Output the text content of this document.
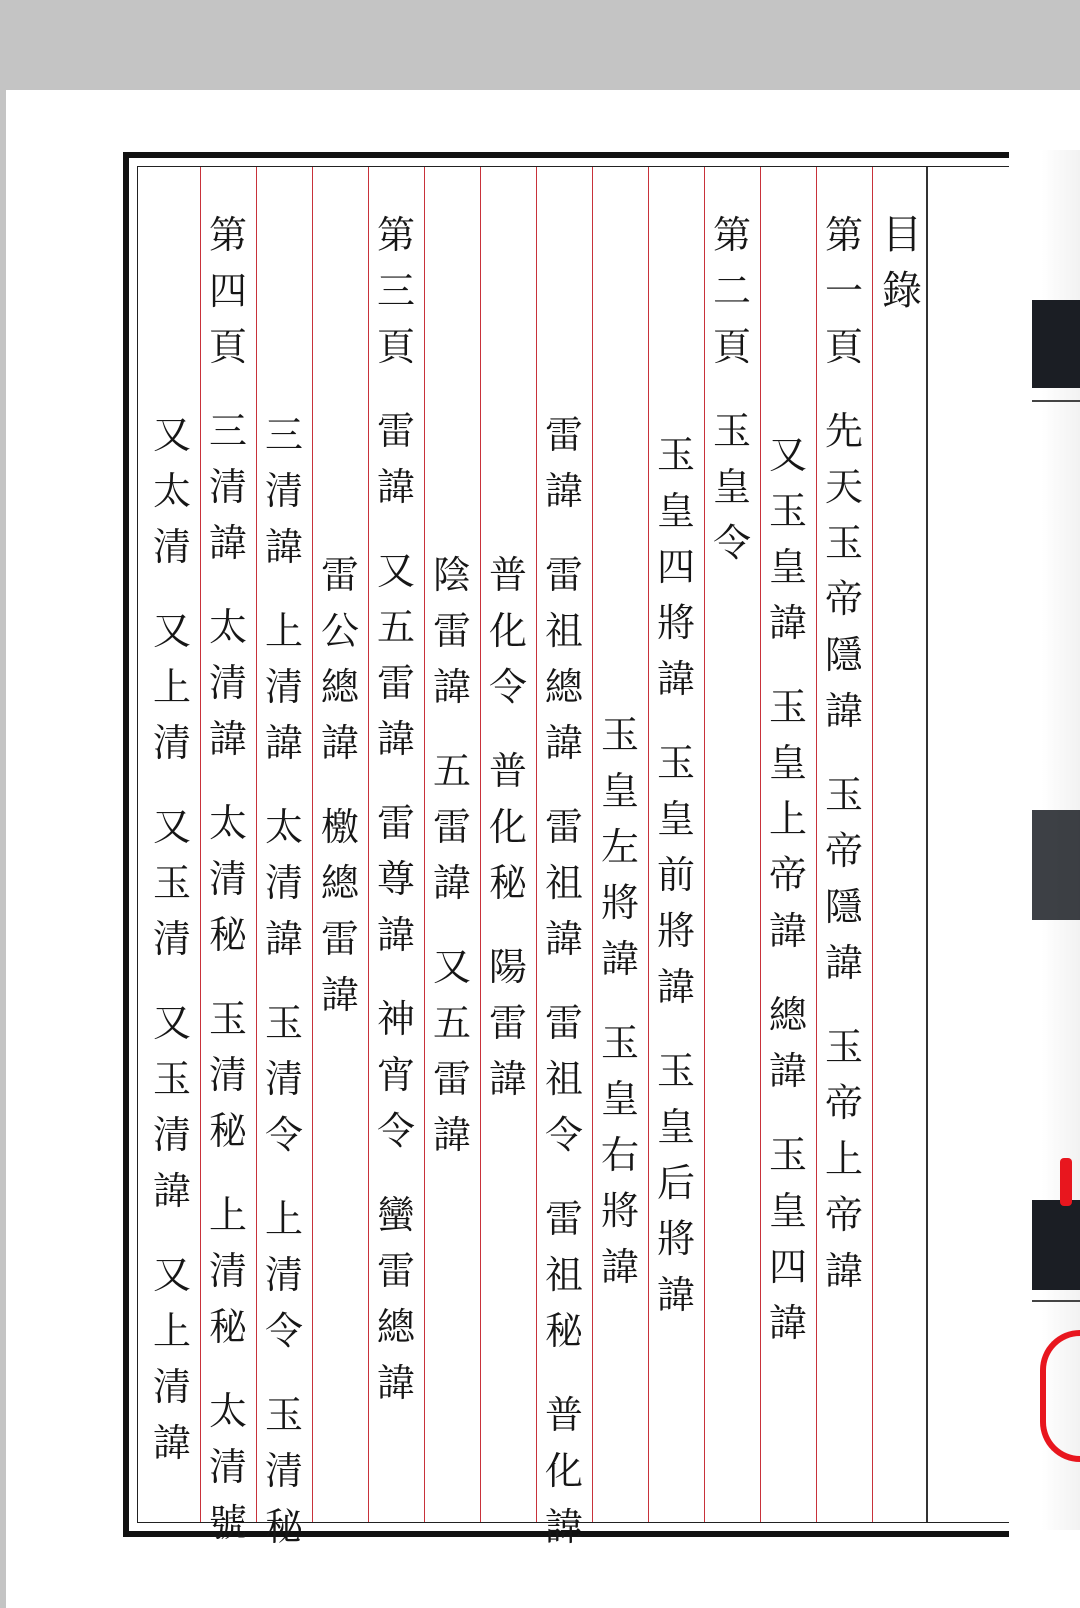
目
錄
第
一
頁
先
天
玉
帝
隱
諱
玉
帝
隱
諱
玉
帝
上
帝
諱
又
玉
皇
諱
玉
皇
上
帝
諱
總
諱
玉
皇
四
諱
第
二
頁
玉
皇
令
玉
皇
四
將
諱
玉
皇
前
將
諱
玉
皇
后
將
諱
玉
皇
左
將
諱
玉
皇
右
將
諱
雷
諱
雷
祖
總
諱
雷
祖
諱
雷
祖
令
雷
祖
秘
普
化
諱
普
化
令
普
化
秘
陽
雷
諱
陰
雷
諱
五
雷
諱
又
五
雷
諱
第
三
頁
雷
諱
又
五
雷
諱
雷
尊
諱
神
宵
令
蠻
雷
總
諱
雷
公
總
諱
檄
總
雷
諱
三
清
諱
上
清
諱
太
清
諱
玉
清
令
上
清
令
玉
清
秘
第
四
頁
三
清
諱
太
清
諱
太
清
秘
玉
清
秘
上
清
秘
太
清
號
又
太
清
又
上
清
又
玉
清
又
玉
清
諱
又
上
清
諱
